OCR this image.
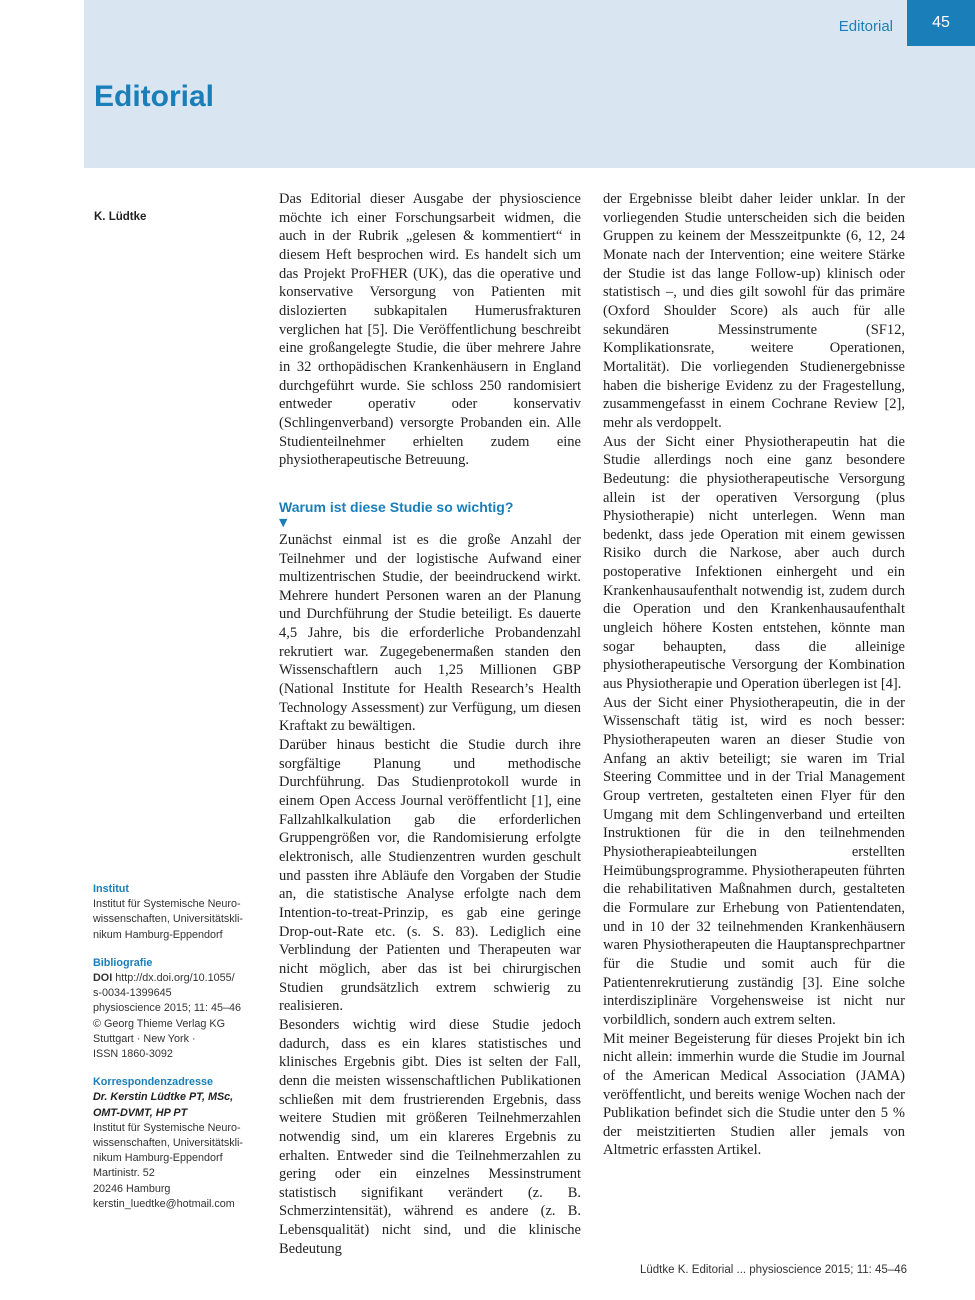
Editorial	45
Editorial
K. Lüdtke
Institut
Institut für Systemische Neuro-
wissenschaften, Universitätskli-
nikum Hamburg-Eppendorf
Bibliografie
DOI http://dx.doi.org/10.1055/
s-0034-1399645
physioscience 2015; 11: 45–46
© Georg Thieme Verlag KG
Stuttgart · New York ·
ISSN 1860-3092
Korrespondenzadresse
Dr. Kerstin Lüdtke PT, MSc,
OMT-DVMT, HP PT
Institut für Systemische Neuro-
wissenschaften, Universitätskli-
nikum Hamburg-Eppendorf
Martinistr. 52
20246 Hamburg
kerstin_luedtke@hotmail.com

Das Editorial dieser Ausgabe der physioscience möchte ich einer Forschungsarbeit widmen, die auch in der Rubrik „gelesen & kommentiert“ in diesem Heft besprochen wird. Es handelt sich um das Projekt ProFHER (UK), das die operative und konservative Versorgung von Patienten mit dislozierten subkapitalen Humerusfrakturen verglichen hat [5]. Die Veröffentlichung beschreibt eine großangelegte Studie, die über mehrere Jahre in 32 orthopädischen Krankenhäusern in England durchgeführt wurde. Sie schloss 250 randomisiert entweder operativ oder konservativ (Schlingenverband) versorgte Probanden ein. Alle Studienteilnehmer erhielten zudem eine physiotherapeutische Betreuung.

Warum ist diese Studie so wichtig?
▼

Zunächst einmal ist es die große Anzahl der Teilnehmer und der logistische Aufwand einer multizentrischen Studie, der beeindruckend wirkt. Mehrere hundert Personen waren an der Planung und Durchführung der Studie beteiligt. Es dauerte 4,5 Jahre, bis die erforderliche Probandenzahl rekrutiert war. Zugegebenermaßen standen den Wissenschaftlern auch 1,25 Millionen GBP (National Institute for Health Research’s Health Technology Assessment) zur Verfügung, um diesen Kraftakt zu bewältigen.

Darüber hinaus besticht die Studie durch ihre sorgfältige Planung und methodische Durchführung. Das Studienprotokoll wurde in einem Open Access Journal veröffentlicht [1], eine Fallzahlkalkulation gab die erforderlichen Gruppengrößen vor, die Randomisierung erfolgte elektronisch, alle Studienzentren wurden geschult und passten ihre Abläufe den Vorgaben der Studie an, die statistische Analyse erfolgte nach dem Intention-to-treat-Prinzip, es gab eine geringe Drop-out-Rate etc. (s. S. 83). Lediglich eine Verblindung der Patienten und Therapeuten war nicht möglich, aber das ist bei chirurgischen Studien grundsätzlich extrem schwierig zu realisieren.

Besonders wichtig wird diese Studie jedoch dadurch, dass es ein klares statistisches und klinisches Ergebnis gibt. Dies ist selten der Fall, denn die meisten wissenschaftlichen Publikationen schließen mit dem frustrierenden Ergebnis, dass weitere Studien mit größeren Teilnehmerzahlen notwendig sind, um ein klareres Ergebnis zu erhalten. Entweder sind die Teilnehmerzahlen zu gering oder ein einzelnes Messinstrument statistisch signifikant verändert (z. B. Schmerzintensität), während es andere (z. B. Lebensqualität) nicht sind, und die klinische Bedeutung

der Ergebnisse bleibt daher leider unklar. In der vorliegenden Studie unterscheiden sich die beiden Gruppen zu keinem der Messzeitpunkte (6, 12, 24 Monate nach der Intervention; eine weitere Stärke der Studie ist das lange Follow-up) klinisch oder statistisch –, und dies gilt sowohl für das primäre (Oxford Shoulder Score) als auch für alle sekundären Messinstrumente (SF12, Komplikationsrate, weitere Operationen, Mortalität). Die vorliegenden Studienergebnisse haben die bisherige Evidenz zu der Fragestellung, zusammengefasst in einem Cochrane Review [2], mehr als verdoppelt.

Aus der Sicht einer Physiotherapeutin hat die Studie allerdings noch eine ganz besondere Bedeutung: die physiotherapeutische Versorgung allein ist der operativen Versorgung (plus Physiotherapie) nicht unterlegen. Wenn man bedenkt, dass jede Operation mit einem gewissen Risiko durch die Narkose, aber auch durch postoperative Infektionen einhergeht und ein Krankenhausaufenthalt notwendig ist, zudem durch die Operation und den Krankenhausaufenthalt ungleich höhere Kosten entstehen, könnte man sogar behaupten, dass die alleinige physiotherapeutische Versorgung der Kombination aus Physiotherapie und Operation überlegen ist [4].

Aus der Sicht einer Physiotherapeutin, die in der Wissenschaft tätig ist, wird es noch besser: Physiotherapeuten waren an dieser Studie von Anfang an aktiv beteiligt; sie waren im Trial Steering Committee und in der Trial Management Group vertreten, gestalteten einen Flyer für den Umgang mit dem Schlingenverband und erteilten Instruktionen für die in den teilnehmenden Physiotherapieabteilungen erstellten Heimübungsprogramme. Physiotherapeuten führten die rehabilitativen Maßnahmen durch, gestalteten die Formulare zur Erhebung von Patientendaten, und in 10 der 32 teilnehmenden Krankenhäusern waren Physiotherapeuten die Hauptansprechpartner für die Studie und somit auch für die Patientenrekrutierung zuständig [3]. Eine solche interdisziplinäre Vorgehensweise ist nicht nur vorbildlich, sondern auch extrem selten.

Mit meiner Begeisterung für dieses Projekt bin ich nicht allein: immerhin wurde die Studie im Journal of the American Medical Association (JAMA) veröffentlicht, und bereits wenige Wochen nach der Publikation befindet sich die Studie unter den 5 % der meistzitierten Studien aller jemals von Altmetric erfassten Artikel.

Lüdtke K. Editorial ... physioscience 2015; 11: 45–46
